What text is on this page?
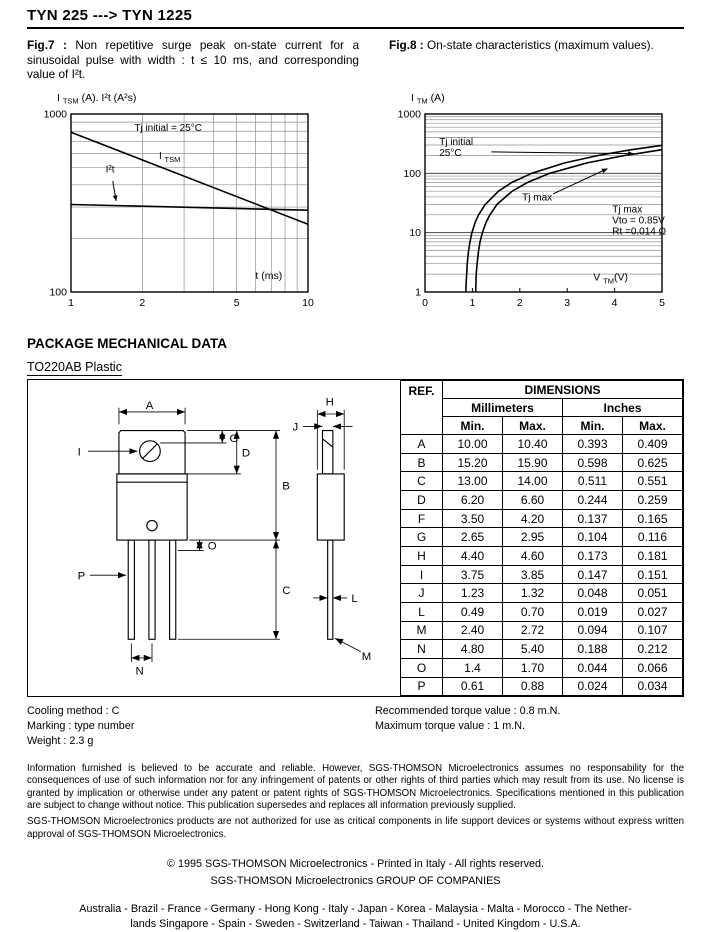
TYN 225 ---> TYN 1225
Fig.7 : Non repetitive surge peak on-state current for a sinusoidal pulse with width : t ≤ 10 ms, and corresponding value of I²t.
Fig.8 : On-state characteristics (maximum values).
I $_{TSM}$ (A). I²t (A²s)
1	2	5	10
100
1000
Tj initial = 25°C
I $_{TSM}$
I²t
t (ms)
I $_{TM}$ (A)
0	1	2	3	4	5
1
10
100
1000
Tj initial
25°C
Tj max
Tj max
Vto = 0.85V
Rt =0.014 Ω
V $_{TM}$(V)
PACKAGE MECHANICAL DATA
TO220AB Plastic
A
G
D
I
B
C
O
P
N
H
J
L
M
REF.	DIMENSIONS			
	Millimeters		Inches	
	Min.	Max.	Min.	Max.
A	10.00	10.40	0.393	0.409
B	15.20	15.90	0.598	0.625
C	13.00	14.00	0.511	0.551
D	6.20	6.60	0.244	0.259
F	3.50	4.20	0.137	0.165
G	2.65	2.95	0.104	0.116
H	4.40	4.60	0.173	0.181
I	3.75	3.85	0.147	0.151
J	1.23	1.32	0.048	0.051
L	0.49	0.70	0.019	0.027
M	2.40	2.72	0.094	0.107
N	4.80	5.40	0.188	0.212
O	1.4	1.70	0.044	0.066
P	0.61	0.88	0.024	0.034
Cooling method : C
Marking : type number
Weight : 2.3 g
Recommended torque value : 0.8 m.N.
Maximum torque value : 1 m.N.

Information furnished is believed to be accurate and reliable. However, SGS-THOMSON Microelectronics assumes no responsability for the consequences of use of such information nor for any infringement of patents or other rights of third parties which may result from its use. No license is granted by implication or otherwise under any patent or patent rights of SGS-THOMSON Microelectronics. Specifications mentioned in this publication are subject to change without notice. This publication supersedes and replaces all information previously supplied.

SGS-THOMSON Microelectronics products are not authorized for use as critical components in life support devices or systems without express written approval of SGS-THOMSON Microelectronics.

© 1995 SGS-THOMSON Microelectronics - Printed in Italy - All rights reserved.
SGS-THOMSON Microelectronics GROUP OF COMPANIES
Australia - Brazil - France - Germany - Hong Kong - Italy - Japan - Korea - Malaysia - Malta - Morocco - The Nether-
lands Singapore - Spain - Sweden - Switzerland - Taiwan - Thailand - United Kingdom - U.S.A.
